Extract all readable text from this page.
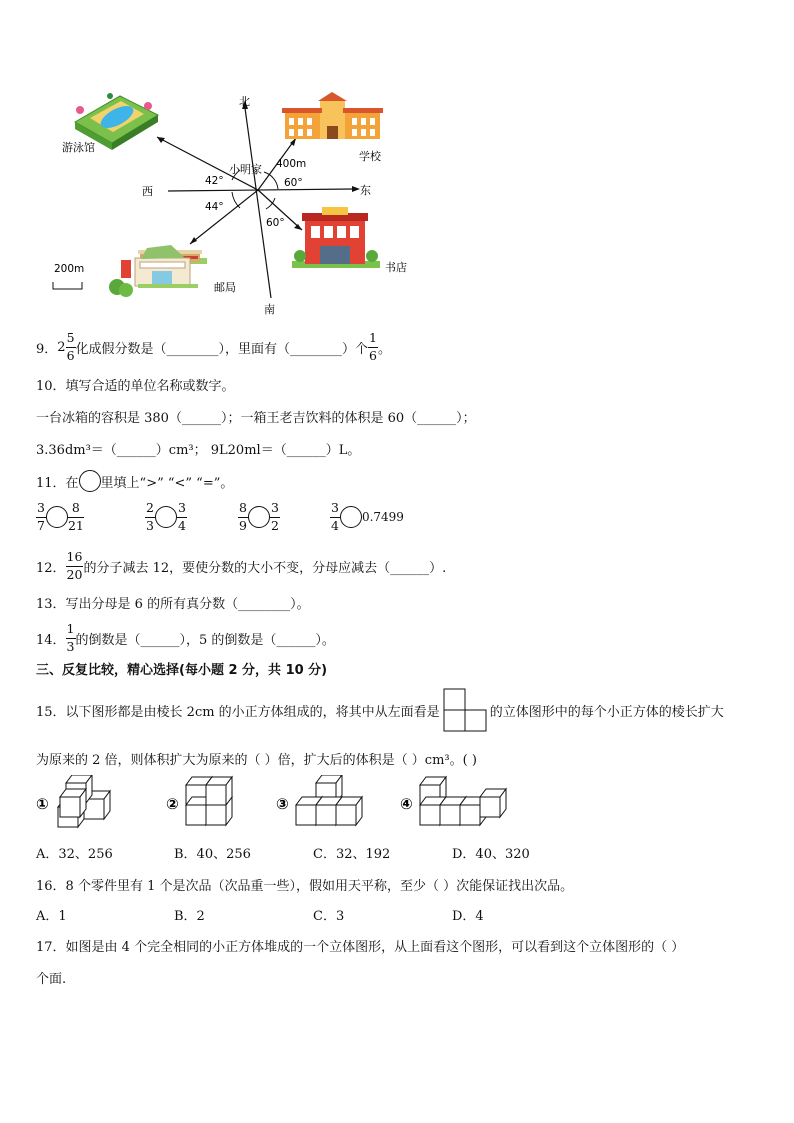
北
南
西	东
小明家 400m
42°	60°
44°
60°
游泳馆
学校
书店
邮局
200m
9． $2 \frac{5}{6}$ 化成假分数是（________），里面有（________）个 $\frac{1}{6}$ 。
10．填写合适的单位名称或数字。
一台冰箱的容积是 380（______）；一箱王老吉饮料的体积是 60（______）；
3.36dm³＝（______）cm³； 9L20ml＝（______）L。
11．在 里填上“>” “<” “=”。
$\frac{3}{7} \frac{8}{21}$	$\frac{2}{3} \frac{3}{4}$	$\frac{8}{9} \frac{3}{2}$	$\frac{3}{4} 0.7499$
12． $\frac{16}{20}$ 的分子减去 12，要使分数的大小不变，分母应减去（______）.
13．写出分母是 6 的所有真分数（________）。
14． $\frac{1}{3}$ 的倒数是（______），5 的倒数是（______）。
三、反复比较，精心选择(每小题 2 分，共 10 分)
15．以下图形都是由棱长 2cm 的小正方体组成的，将其中从左面看是	的立体图形中的每个小正方体的棱长扩大
为原来的 2 倍，则体积扩大为原来的（ ）倍，扩大后的体积是（ ）cm³。( )
①	②	③	④
A．32、256	B．40、256	C．32、192	D．40、320
16．8 个零件里有 1 个是次品（次品重一些），假如用天平称，至少（ ）次能保证找出次品。
A．1	B．2	C．3	D．4
17．如图是由 4 个完全相同的小正方体堆成的一个立体图形，从上面看这个图形，可以看到这个立体图形的（ ）
个面.
